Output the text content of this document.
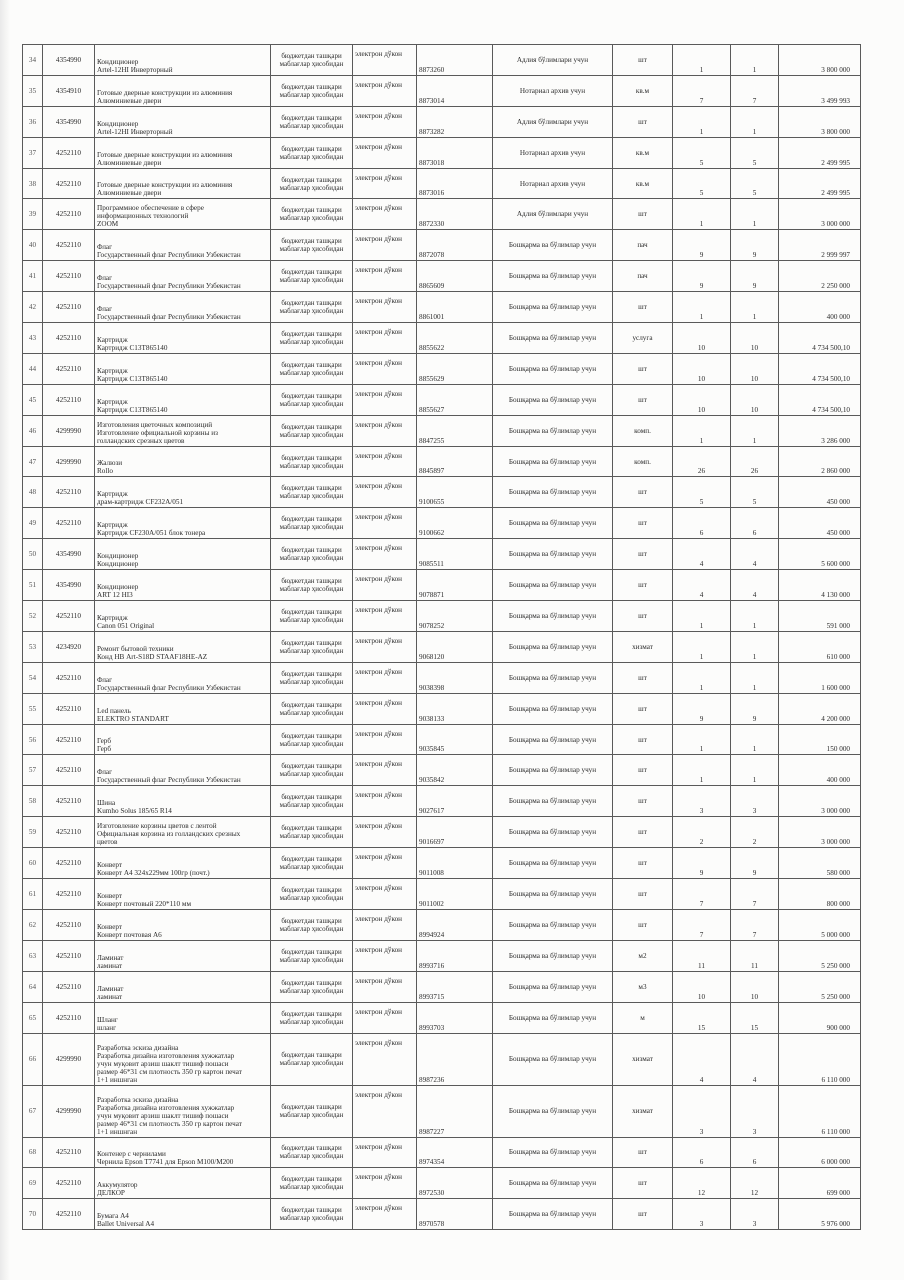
34	4354990	Кондиционер
Artel-12HI Инверторный	бюджетдан ташқари
маблағлар ҳисобидан	электрон дўкон	8873260	Адлия бўлимлари учун	шт	1	1	3 800 000
35	4354910	Готовые дверные конструкции из алюминия
Алюминиевые двери	бюджетдан ташқари
маблағлар ҳисобидан	электрон дўкон	8873014	Нотариал архив учун	кв.м	7	7	3 499 993
36	4354990	Кондиционер
Artel-12HI Инверторный	бюджетдан ташқари
маблағлар ҳисобидан	электрон дўкон	8873282	Адлия бўлимлари учун	шт	1	1	3 800 000
37	4252110	Готовые дверные конструкции из алюминия
Алюминиевые двери	бюджетдан ташқари
маблағлар ҳисобидан	электрон дўкон	8873018	Нотариал архив учун	кв.м	5	5	2 499 995
38	4252110	Готовые дверные конструкции из алюминия
Алюминиевые двери	бюджетдан ташқари
маблағлар ҳисобидан	электрон дўкон	8873016	Нотариал архив учун	кв.м	5	5	2 499 995
39	4252110	Программное обеспечение в сфере
информационных технологий
ZOOM	бюджетдан ташқари
маблағлар ҳисобидан	электрон дўкон	8872330	Адлия бўлимлари учун	шт	1	1	3 000 000
40	4252110	Флаг
Государственный флаг Республики Узбекистан	бюджетдан ташқари
маблағлар ҳисобидан	электрон дўкон	8872078	Бошқарма ва бўлимлар учун	пач	9	9	2 999 997
41	4252110	Флаг
Государственный флаг Республики Узбекистан	бюджетдан ташқари
маблағлар ҳисобидан	электрон дўкон	8865609	Бошқарма ва бўлимлар учун	пач	9	9	2 250 000
42	4252110	Флаг
Государственный флаг Республики Узбекистан	бюджетдан ташқари
маблағлар ҳисобидан	электрон дўкон	8861001	Бошқарма ва бўлимлар учун	шт	1	1	400 000
43	4252110	Картридж
Картридж C13T865140	бюджетдан ташқари
маблағлар ҳисобидан	электрон дўкон	8855622	Бошқарма ва бўлимлар учун	услуга	10	10	4 734 500,10
44	4252110	Картридж
Картридж C13T865140	бюджетдан ташқари
маблағлар ҳисобидан	электрон дўкон	8855629	Бошқарма ва бўлимлар учун	шт	10	10	4 734 500,10
45	4252110	Картридж
Картридж C13T865140	бюджетдан ташқари
маблағлар ҳисобидан	электрон дўкон	8855627	Бошқарма ва бўлимлар учун	шт	10	10	4 734 500,10
46	4299990	Изготовления цветочных композиций
Изготовление официальной корзины из
голландских срезных цветов	бюджетдан ташқари
маблағлар ҳисобидан	электрон дўкон	8847255	Бошқарма ва бўлимлар учун	комп.	1	1	3 286 000
47	4299990	Жалюзи
Rollo	бюджетдан ташқари
маблағлар ҳисобидан	электрон дўкон	8845897	Бошқарма ва бўлимлар учун	комп.	26	26	2 860 000
48	4252110	Картридж
драм-картридж CF232A/051	бюджетдан ташқари
маблағлар ҳисобидан	электрон дўкон	9100655	Бошқарма ва бўлимлар учун	шт	5	5	450 000
49	4252110	Картридж
Картридж CF230A/051 блок тонера	бюджетдан ташқари
маблағлар ҳисобидан	электрон дўкон	9100662	Бошқарма ва бўлимлар учун	шт	6	6	450 000
50	4354990	Кондиционер
Кондиционер	бюджетдан ташқари
маблағлар ҳисобидан	электрон дўкон	9085511	Бошқарма ва бўлимлар учун	шт	4	4	5 600 000
51	4354990	Кондиционер
ART 12 HI3	бюджетдан ташқари
маблағлар ҳисобидан	электрон дўкон	9078871	Бошқарма ва бўлимлар учун	шт	4	4	4 130 000
52	4252110	Картридж
Canon 051 Original	бюджетдан ташқари
маблағлар ҳисобидан	электрон дўкон	9078252	Бошқарма ва бўлимлар учун	шт	1	1	591 000
53	4234920	Ремонт бытовой техники
Конд НВ Art-S18D STAAF18HE-AZ	бюджетдан ташқари
маблағлар ҳисобидан	электрон дўкон	9068120	Бошқарма ва бўлимлар учун	хизмат	1	1	610 000
54	4252110	Флаг
Государственный флаг Республики Узбекистан	бюджетдан ташқари
маблағлар ҳисобидан	электрон дўкон	9038398	Бошқарма ва бўлимлар учун	шт	1	1	1 600 000
55	4252110	Led панель
ELEKTRO STANDART	бюджетдан ташқари
маблағлар ҳисобидан	электрон дўкон	9038133	Бошқарма ва бўлимлар учун	шт	9	9	4 200 000
56	4252110	Герб
Герб	бюджетдан ташқари
маблағлар ҳисобидан	электрон дўкон	9035845	Бошқарма ва бўлимлар учун	шт	1	1	150 000
57	4252110	Флаг
Государственный флаг Республики Узбекистан	бюджетдан ташқари
маблағлар ҳисобидан	электрон дўкон	9035842	Бошқарма ва бўлимлар учун	шт	1	1	400 000
58	4252110	Шина
Kumho Solus 185/65 R14	бюджетдан ташқари
маблағлар ҳисобидан	электрон дўкон	9027617	Бошқарма ва бўлимлар учун	шт	3	3	3 000 000
59	4252110	Изготовление корзины цветов с лентой
Официальная корзина из голландских срезных
цветов	бюджетдан ташқари
маблағлар ҳисобидан	электрон дўкон	9016697	Бошқарма ва бўлимлар учун	шт	2	2	3 000 000
60	4252110	Конверт
Конверт А4 324х229мм 100гр (почт.)	бюджетдан ташқари
маблағлар ҳисобидан	электрон дўкон	9011008	Бошқарма ва бўлимлар учун	шт	9	9	580 000
61	4252110	Конверт
Конверт почтовый 220*110 мм	бюджетдан ташқари
маблағлар ҳисобидан	электрон дўкон	9011002	Бошқарма ва бўлимлар учун	шт	7	7	800 000
62	4252110	Конверт
Конверт почтовая А6	бюджетдан ташқари
маблағлар ҳисобидан	электрон дўкон	8994924	Бошқарма ва бўлимлар учун	шт	7	7	5 000 000
63	4252110	Ламинат
ламинат	бюджетдан ташқари
маблағлар ҳисобидан	электрон дўкон	8993716	Бошқарма ва бўлимлар учун	м2	11	11	5 250 000
64	4252110	Ламинат
ламинат	бюджетдан ташқари
маблағлар ҳисобидан	электрон дўкон	8993715	Бошқарма ва бўлимлар учун	м3	10	10	5 250 000
65	4252110	Шланг
шланг	бюджетдан ташқари
маблағлар ҳисобидан	электрон дўкон	8993703	Бошқарма ва бўлимлар учун	м	15	15	900 000
66	4299990	Разработка эскиза дизайна
Разработка дизайна изготовления хужжатлар
учун муқовит арзиш шаклт тишиф пошаси
размер 46*31 см плотность 350 гр картон печат
1+1 иншнган	бюджетдан ташқари
маблағлар ҳисобидан	электрон дўкон	8987236	Бошқарма ва бўлимлар учун	хизмат	4	4	6 110 000
67	4299990	Разработка эскиза дизайна
Разработка дизайна изготовления хужжатлар
учун муқовит арзиш шаклт тишиф пошаси
размер 46*31 см плотность 350 гр картон печат
1+1 иншнган	бюджетдан ташқари
маблағлар ҳисобидан	электрон дўкон	8987227	Бошқарма ва бўлимлар учун	хизмат	3	3	6 110 000
68	4252110	Контенер с чернилами
Чернила Epson T7741 для Epson M100/M200	бюджетдан ташқари
маблағлар ҳисобидан	электрон дўкон	8974354	Бошқарма ва бўлимлар учун	шт	6	6	6 000 000
69	4252110	Аккумулятор
ДЕЛКОР	бюджетдан ташқари
маблағлар ҳисобидан	электрон дўкон	8972530	Бошқарма ва бўлимлар учун	шт	12	12	699 000
70	4252110	Бумага А4
Ballet Universal A4	бюджетдан ташқари
маблағлар ҳисобидан	электрон дўкон	8970578	Бошқарма ва бўлимлар учун	шт	3	3	5 976 000
